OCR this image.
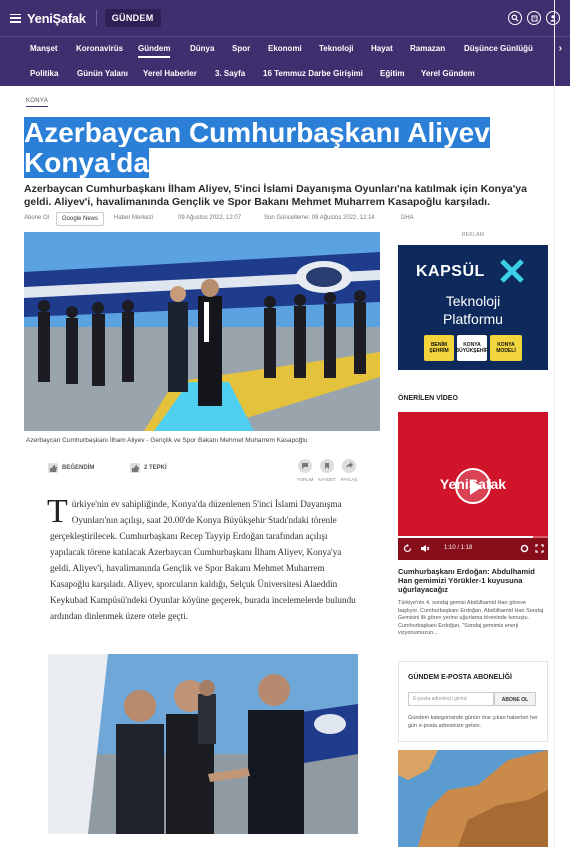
YeniŞafak	GÜNDEM
Manşet Koronavirüs Gündem Dünya Spor Ekonomi Teknoloji Hayat Ramazan Düşünce Günlüğü	›
Politika Günün Yalanı Yerel Haberler 3. Sayfa 16 Temmuz Darbe Girişimi Eğitim Yerel Gündem
KONYA
Azerbaycan Cumhurbaşkanı Aliyev Konya'da

Azerbaycan Cumhurbaşkanı İlham Aliyev, 5'inci İslami Dayanışma Oyunları'na katılmak için Konya'ya geldi. Aliyev'i, havalimanında Gençlik ve Spor Bakanı Mehmet Muharrem Kasapoğlu karşıladı.

Abone Ol	Google News	Haber Merkezi	09 Ağustos 2022, 12:07	Son Güncelleme: 09 Ağustos 2022, 12:14	DHA
Azerbaycan Cumhurbaşkanı İlham Aliyev - Gençlik ve Spor Bakanı Mehmet Muharrem Kasapoğlu
BEĞENDİM	2 TEPKİ
YORUM	KAYDET	PAYLAŞ
Türkiye'nin ev sahipliğinde, Konya'da düzenlenen 5'inci İslami Dayanışma Oyunları'nın açılışı, saat 20.00'de Konya Büyükşehir Stadı'ndaki törenle gerçekleştirilecek. Cumhurbaşkanı Recep Tayyip Erdoğan tarafından açılışı yapılacak törene katılacak Azerbaycan Cumhurbaşkanı İlham Aliyev, Konya'ya geldi. Aliyev'i, havalimanında Gençlik ve Spor Bakanı Mehmet Muharrem Kasapoğlu karşıladı. Aliyev, sporcuların kaldığı, Selçuk Üniversitesi Alaeddin Keykubad Kampüsü'ndeki Oyunlar köyüne geçerek, burada incelemelerde bulundu ardından dinlenmek üzere otele geçti.
REKLAM
KAPSÜL
Teknoloji
Platformu
BENİM ŞEHRİM
KONYA BÜYÜKŞEHİR
KONYA MODELİ
ÖNERİLEN VİDEO
YeniŞafak
1:10 / 1:18
Cumhurbaşkanı Erdoğan: Abdulhamid Han gemimizi Yörükler-1 kuyusuna uğurlayacağız
Türkiye'nin 4. sondaj gemisi Abdülhamid Han göreve başlıyor. Cumhurbaşkanı Erdoğan, Abdülhamid Han Sondaj Gemisini ilk görev yerine uğurlama töreninde konuştu. Cumhurbaşkanı Erdoğan, "Sondaj gemimiz enerji vizyonumuzun...
GÜNDEM E-POSTA ABONELİĞİ
E-posta adresinizi giriniz	ABONE OL
Gündem kategorisinde günün öne çıkan haberleri her gün e-posta adresinize gelsin.
